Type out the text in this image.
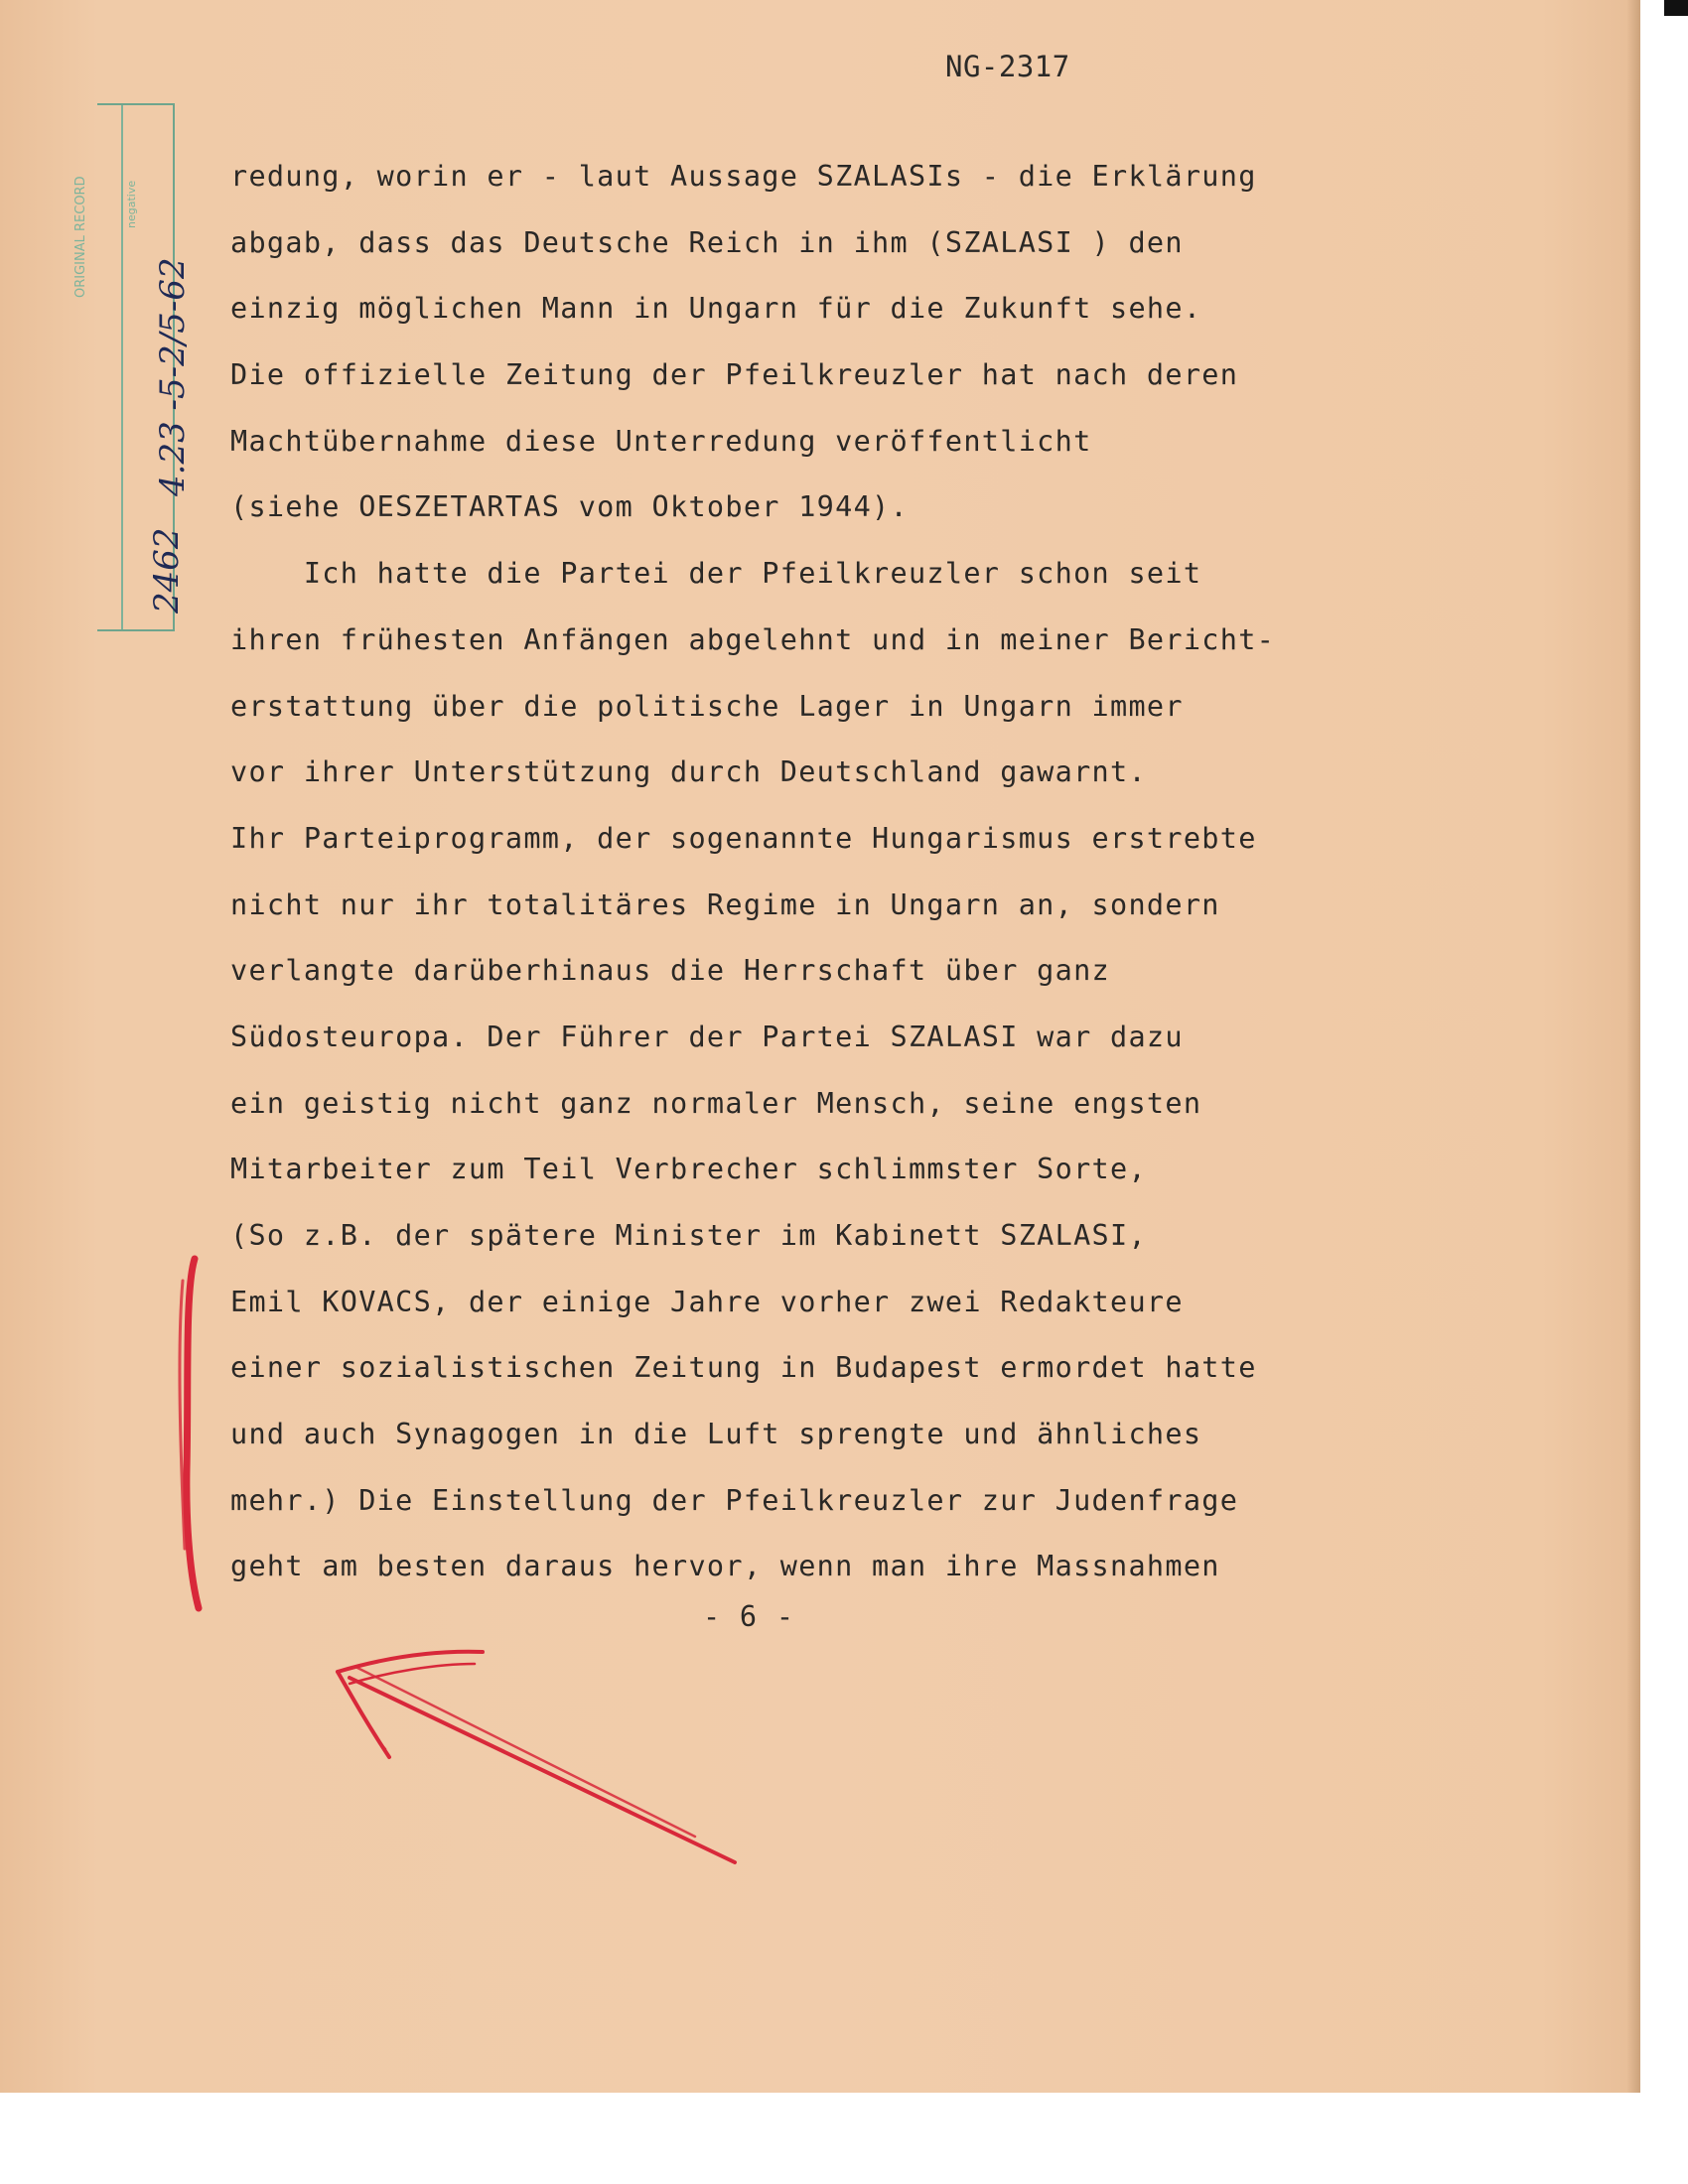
ORIGINAL RECORD	negative
2462
4.23 -5-2/5-62
NG-2317
redung, worin er - laut Aussage SZALASIs - die Erklärung
abgab, dass das Deutsche Reich in ihm (SZALASI ) den
einzig möglichen Mann in Ungarn für die Zukunft sehe.
Die offizielle Zeitung der Pfeilkreuzler hat nach deren
Machtübernahme diese Unterredung veröffentlicht
(siehe OESZETARTAS vom Oktober 1944).
Ich hatte die Partei der Pfeilkreuzler schon seit
ihren frühesten Anfängen abgelehnt und in meiner Bericht-
erstattung über die politische Lager in Ungarn immer
vor ihrer Unterstützung durch Deutschland gawarnt.
Ihr Parteiprogramm, der sogenannte Hungarismus erstrebte
nicht nur ihr totalitäres Regime in Ungarn an, sondern
verlangte darüberhinaus die Herrschaft über ganz
Südosteuropa. Der Führer der Partei SZALASI war dazu
ein geistig nicht ganz normaler Mensch, seine engsten
Mitarbeiter zum Teil Verbrecher schlimmster Sorte,
(So z.B. der spätere Minister im Kabinett SZALASI,
Emil KOVACS, der einige Jahre vorher zwei Redakteure
einer sozialistischen Zeitung in Budapest ermordet hatte
und auch Synagogen in die Luft sprengte und ähnliches
mehr.) Die Einstellung der Pfeilkreuzler zur Judenfrage
geht am besten daraus hervor, wenn man ihre Massnahmen
- 6 -
